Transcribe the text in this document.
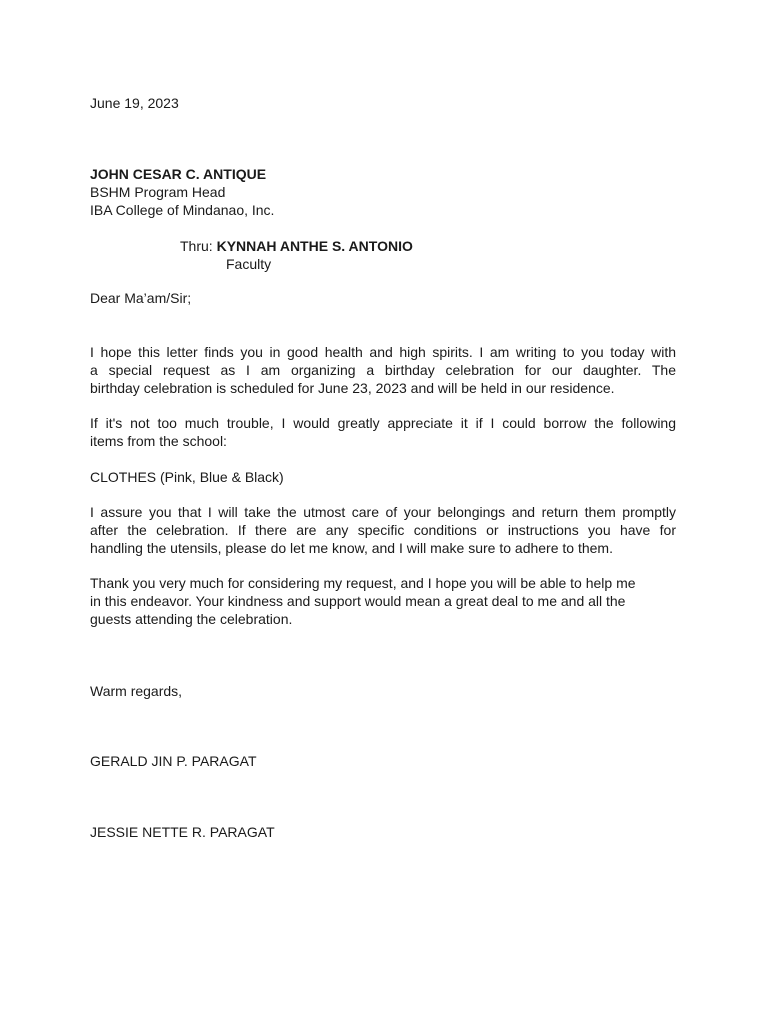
June 19, 2023
JOHN CESAR C. ANTIQUE
BSHM Program Head
IBA College of Mindanao, Inc.
Thru: KYNNAH ANTHE S. ANTONIO
Faculty
Dear Ma’am/Sir;
I hope this letter finds you in good health and high spirits. I am writing to you today with
a special request as I am organizing a birthday celebration for our daughter. The
birthday celebration is scheduled for June 23, 2023 and will be held in our residence.
If it's not too much trouble, I would greatly appreciate it if I could borrow the following
items from the school:
CLOTHES (Pink, Blue & Black)
I assure you that I will take the utmost care of your belongings and return them promptly
after the celebration. If there are any specific conditions or instructions you have for
handling the utensils, please do let me know, and I will make sure to adhere to them.
Thank you very much for considering my request, and I hope you will be able to help me
in this endeavor. Your kindness and support would mean a great deal to me and all the
guests attending the celebration.
Warm regards,
GERALD JIN P. PARAGAT
JESSIE NETTE R. PARAGAT
